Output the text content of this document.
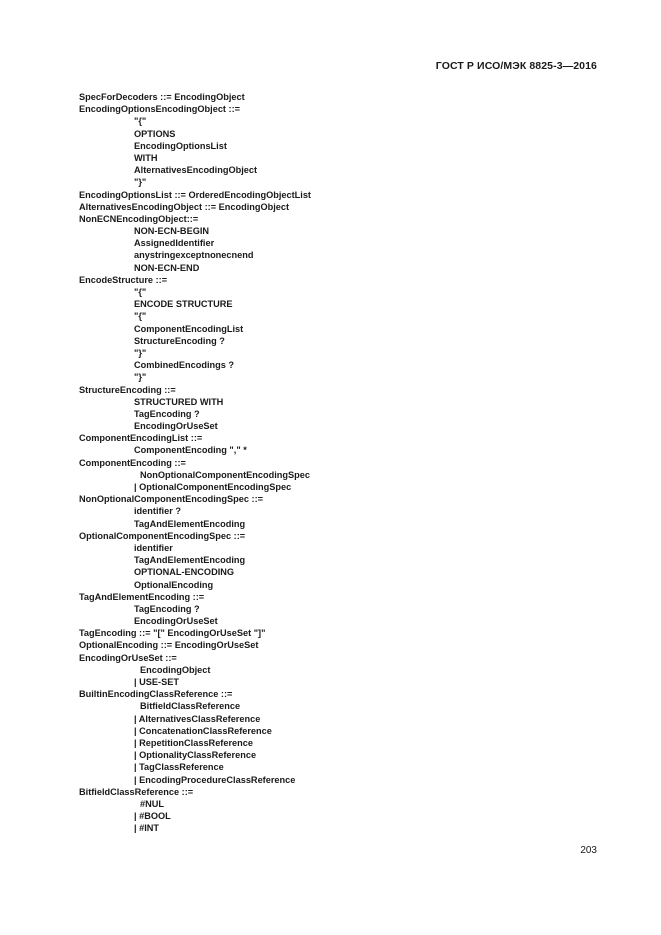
ГОСТ Р ИСО/МЭК 8825-3—2016
SpecForDecoders ::= EncodingObject
EncodingOptionsEncodingObject ::=
"{"
OPTIONS
EncodingOptionsList
WITH
AlternativesEncodingObject
"}"
EncodingOptionsList ::= OrderedEncodingObjectList
AlternativesEncodingObject ::= EncodingObject
NonECNEncodingObject::=
NON-ECN-BEGIN
AssignedIdentifier
anystringexceptnonecnend
NON-ECN-END
EncodeStructure ::=
"{"
ENCODE STRUCTURE
"{"
ComponentEncodingList
StructureEncoding ?
"}"
CombinedEncodings ?
"}"
StructureEncoding ::=
STRUCTURED WITH
TagEncoding ?
EncodingOrUseSet
ComponentEncodingList ::=
ComponentEncoding "," *
ComponentEncoding ::=
NonOptionalComponentEncodingSpec
| OptionalComponentEncodingSpec
NonOptionalComponentEncodingSpec ::=
identifier ?
TagAndElementEncoding
OptionalComponentEncodingSpec ::=
identifier
TagAndElementEncoding
OPTIONAL-ENCODING
OptionalEncoding
TagAndElementEncoding ::=
TagEncoding ?
EncodingOrUseSet
TagEncoding ::= "[" EncodingOrUseSet "]"
OptionalEncoding ::= EncodingOrUseSet
EncodingOrUseSet ::=
EncodingObject
| USE-SET
BuiltinEncodingClassReference ::=
BitfieldClassReference
| AlternativesClassReference
| ConcatenationClassReference
| RepetitionClassReference
| OptionalityClassReference
| TagClassReference
| EncodingProcedureClassReference
BitfieldClassReference ::=
#NUL
| #BOOL
| #INT
203
